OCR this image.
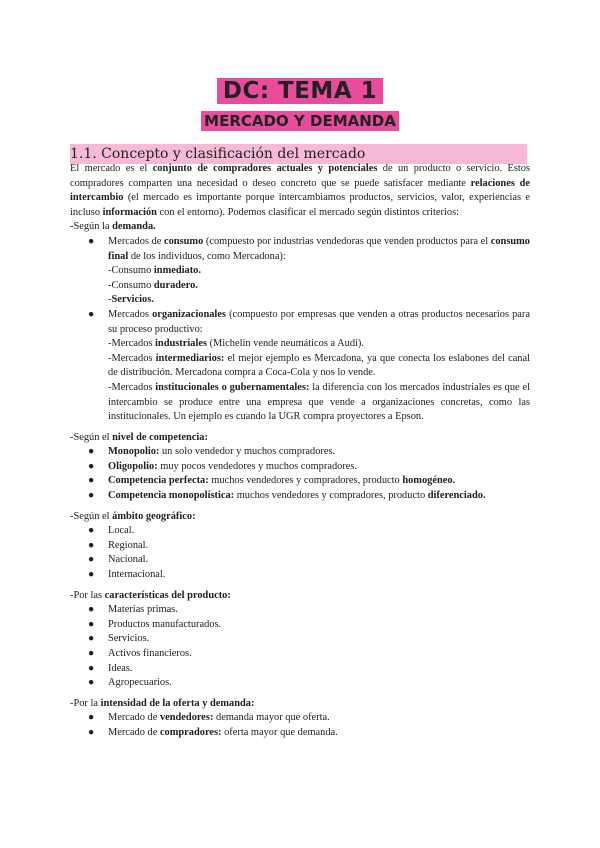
DC: TEMA 1
MERCADO Y DEMANDA
1.1. Concepto y clasificación del mercado

El mercado es el conjunto de compradores actuales y potenciales de un producto o servicio. Estos compradores comparten una necesidad o deseo concreto que se puede satisfacer mediante relaciones de intercambio (el mercado es importante porque intercambiamos productos, servicios, valor, experiencias e incluso información con el entorno). Podemos clasificar el mercado según distintos criterios:

-Según la demanda.

● Mercados de consumo (compuesto por industrias vendedoras que venden productos para el consumo final de los individuos, como Mercadona):

-Consumo inmediato.
-Consumo duradero.
-Servicios.
● Mercados organizacionales (compuesto por empresas que venden a otras productos necesarios para su proceso productivo:

-Mercados industriales (Michelin vende neumáticos a Audi).
-Mercados intermediarios: el mejor ejemplo es Mercadona, ya que conecta los eslabones del canal de distribución. Mercadona compra a Coca-Cola y nos lo vende.
-Mercados institucionales o gubernamentales: la diferencia con los mercados industriales es que el intercambio se produce entre una empresa que vende a organizaciones concretas, como las institucionales. Un ejemplo es cuando la UGR compra proyectores a Epson.

-Según el nivel de competencia:

● Monopolio: un solo vendedor y muchos compradores.
● Oligopolio: muy pocos vendedores y muchos compradores.
● Competencia perfecta: muchos vendedores y compradores, producto homogéneo.
● Competencia monopolística: muchos vendedores y compradores, producto diferenciado.

-Según el ámbito geográfico:

● Local.
● Regional.
● Nacional.
● Internacional.

-Por las características del producto:

● Materias primas.
● Productos manufacturados.
● Servicios.
● Activos financieros.
● Ideas.
● Agropecuarios.

-Por la intensidad de la oferta y demanda:

● Mercado de vendedores: demanda mayor que oferta.
● Mercado de compradores: oferta mayor que demanda.
